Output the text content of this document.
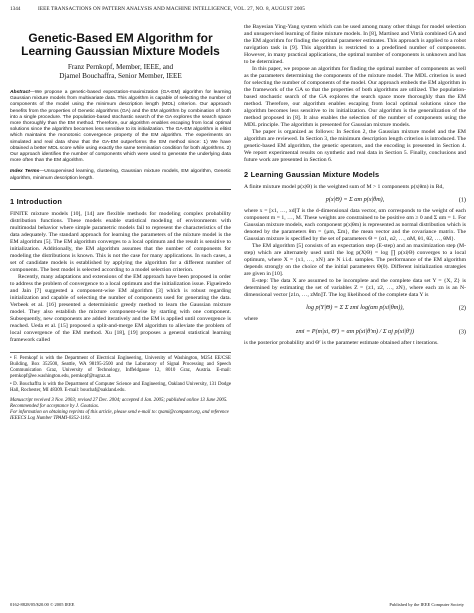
1344	IEEE TRANSACTIONS ON PATTERN ANALYSIS AND MACHINE INTELLIGENCE, VOL. 27, NO. 8, AUGUST 2005
Genetic-Based EM Algorithm for Learning Gaussian Mixture Models
Franz Pernkopf, Member, IEEE, and
Djamel Bouchaffra, Senior Member, IEEE
Abstract—We propose a genetic-based expectation-maximization (GA-EM) algorithm for learning Gaussian mixture models from multivariate data. This algorithm is capable of selecting the number of components of the model using the minimum description length (MDL) criterion. Our approach benefits from the properties of Genetic algorithms (GA) and the EM algorithm by combination of both into a single procedure. The population-based stochastic search of the GA explores the search space more thoroughly than the EM method. Therefore, our algorithm enables escaping from local optimal solutions since the algorithm becomes less sensitive to its initialization. The GA-EM algorithm is elitist which maintains the monotonic convergence property of the EM algorithm. The experiments on simulated and real data show that the GA-EM outperforms the EM method since: 1) We have obtained a better MDL score while using exactly the same termination condition for both algorithms. 2) Our approach identifies the number of components which were used to generate the underlying data more often than the EM algorithm.
Index Terms—Unsupervised learning, clustering, Gaussian mixture models, EM algorithm, Genetic algorithm, minimum description length.
1 Introduction

FINITE mixture models [10], [14] are flexible methods for modeling complex probability distribution functions. These models enable statistical modeling of environments with multimodal behavior where simple parametric models fail to represent the characteristics of the data adequately. The standard approach for learning the parameters of the mixture model is the EM algorithm [5]. The EM algorithm converges to a local optimum and the result is sensitive to initialization. Additionally, the EM algorithm assumes that the number of components for modeling the distributions is known. This is not the case for many applications. In such cases, a set of candidate models is established by applying the algorithm for a different number of components. The best model is selected according to a model selection criterion.

Recently, many adaptations and extensions of the EM approach have been proposed in order to address the problem of convergence to a local optimum and the initialization issue. Figueiredo and Jain [7] suggested a component-wise EM algorithm [3] which is robust regarding initialization and capable of selecting the number of components used for generating the data. Verbeek et al. [16] presented a deterministic greedy method to learn the Gaussian mixture model. They also establish the mixture component-wise by starting with one component. Subsequently, new components are added iteratively and the EM is applied until convergence is reached. Ueda et al. [15] proposed a split-and-merge EM algorithm to alleviate the problem of local convergence of the EM method. Xu [18], [19] proposes a general statistical learning framework called

• F. Pernkopf is with the Department of Electrical Engineering, University of Washington, M254 EE/CSE Building, Box 352500, Seattle, WA 98195-2500 and the Laboratory of Signal Processing and Speech Communication Graz, University of Technology, Inffeldgasse 12, 8010 Graz, Austria. E-mail: pernkopf@ee.washington.edu, pernkopf@tugraz.at.
• D. Bouchaffra is with the Department of Computer Science and Engineering, Oakland University, 131 Dodge Hall, Rochester, MI 48309. E-mail: bouchaf@oakland.edu.
Manuscript received 3 Nov. 2003; revised 27 Dec. 2004; accepted 4 Jan. 2005; published online 13 June 2005.
Recommended for acceptance by J. Goutsias.
For information on obtaining reprints of this article, please send e-mail to: tpami@computer.org, and reference IEEECS Log Number TPAMI-0352-1103.

the Bayesian Ying-Yang system which can be used among many other things for model selection and unsupervised learning of finite mixture models. In [8], Martínez and Vitrià combined GA and the EM algorithm for finding the optimal parameter estimates. This approach is applied to a robot navigation task in [9]. This algorithm is restricted to a predefined number of components. However, in many practical applications, the optimal number of components is unknown and has to be determined.

In this paper, we propose an algorithm for finding the optimal number of components as well as the parameters determining the components of the mixture model. The MDL criterion is used for selecting the number of components of the model. Our approach embeds the EM algorithm in the framework of the GA so that the properties of both algorithms are utilized. The population-based stochastic search of the GA explores the search space more thoroughly than the EM method. Therefore, our algorithm enables escaping from local optimal solutions since the algorithm becomes less sensitive to its initialization. Our algorithm is the generalization of the method proposed in [8]. It also enables the selection of the number of components using the MDL principle. The algorithm is presented for Gaussian mixture models.

The paper is organized as follows: In Section 2, the Gaussian mixture model and the EM algorithm are reviewed. In Section 3, the minimum description length criterion is introduced. The genetic-based EM algorithm, the genetic operators, and the encoding is presented in Section 4. We report experimental results on synthetic and real data in Section 5. Finally, conclusions and future work are presented in Section 6.

2 Learning Gaussian Mixture Models

A finite mixture model p(x|Θ) is the weighted sum of M > 1 components p(x|θm) in Rd,

p(x|Θ) = Σ αm p(x|θm),	(1)

where x = [x1, …, xd]T is the d-dimensional data vector, αm corresponds to the weight of each component m = 1, …, M. These weights are constrained to be positive αm ≥ 0 and Σ αm = 1. For Gaussian mixture models, each component p(x|θm) is represented as normal distribution which is denoted by the parameters θm = {μm, Σm}, the mean vector and the covariance matrix. The Gaussian mixture is specified by the set of parameters Θ = {α1, α2, …, αM, θ1, θ2, …, θM}.

The EM algorithm [5] consists of an expectation step (E-step) and an maximization step (M-step) which are alternately used until the log p(X|Θ) = log ∏ p(xi|Θ) converges to a local optimum, where X = {x1, …, xN} are N i.i.d. samples. The performance of the EM algorithm depends strongly on the choice of the initial parameters Θ(0). Different initialization strategies are given in [10].

E-step: The data X are assumed to be incomplete and the complete data set Y = {X, Z} is determined by estimating the set of variables Z = {z1, z2, …, zN}, where each zn is an N-dimensional vector [z1n, …, zMn]T. The log likelihood of the complete data Y is

log p(Y|Θ) = Σ Σ zmi log(αm p(xi|θm)),	(2)

where

zmi = P(m|xi, Θ′) = αm p(xi|θ′m) / Σ αj p(xi|θ′j)	(3)

is the posterior probability and Θ′ is the parameter estimate obtained after t iterations.

0162-8828/05/$20.00 © 2005 IEEE	Published by the IEEE Computer Society
